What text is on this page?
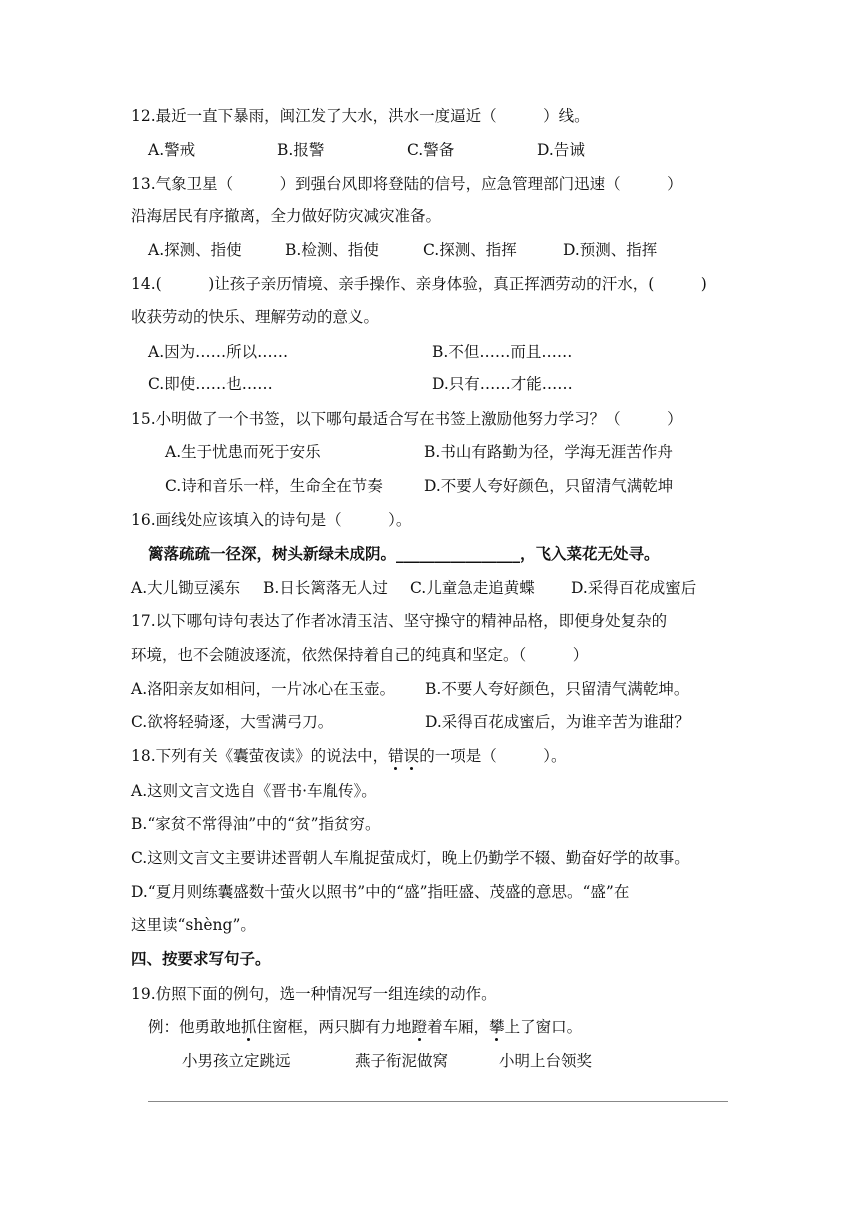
12.最近一直下暴雨，闽江发了大水，洪水一度逼近（　　　）线。
A.警戒	B.报警	C.警备	D.告诫
13.气象卫星（　　　）到强台风即将登陆的信号，应急管理部门迅速（　　　）
沿海居民有序撤离，全力做好防灾减灾准备。
A.探测、指使	B.检测、指使	C.探测、指挥	D.预测、指挥
14.(　　　)让孩子亲历情境、亲手操作、亲身体验，真正挥洒劳动的汗水，(　　　)
收获劳动的快乐、理解劳动的意义。
A.因为……所以……	B.不但……而且……
C.即使……也……	D.只有……才能……
15.小明做了一个书签，以下哪句最适合写在书签上激励他努力学习？（　　　）
A.生于忧患而死于安乐	B.书山有路勤为径，学海无涯苦作舟
C.诗和音乐一样，生命全在节奏	D.不要人夸好颜色，只留清气满乾坤
16.画线处应该填入的诗句是（　　　）。
篱落疏疏一径深，树头新绿未成阴。________________，飞入菜花无处寻。
A.大儿锄豆溪东 B.日长篱落无人过 C.儿童急走追黄蝶 D.采得百花成蜜后
17.以下哪句诗句表达了作者冰清玉洁、坚守操守的精神品格，即便身处复杂的
环境，也不会随波逐流，依然保持着自己的纯真和坚定。（　　　）
A.洛阳亲友如相问，一片冰心在玉壶。 B.不要人夸好颜色，只留清气满乾坤。
C.欲将轻骑逐，大雪满弓刀。	D.采得百花成蜜后，为谁辛苦为谁甜？
18.下列有关《囊萤夜读》的说法中，错误的一项是（　　　）。
A.这则文言文选自《晋书·车胤传》。
B.“家贫不常得油”中的“贫”指贫穷。
C.这则文言文主要讲述晋朝人车胤捉萤成灯，晚上仍勤学不辍、勤奋好学的故事。
D.“夏月则练囊盛数十萤火以照书”中的“盛”指旺盛、茂盛的意思。“盛”在
这里读“shèng”。
四、按要求写句子。
19.仿照下面的例句，选一种情况写一组连续的动作。
例：他勇敢地抓住窗框，两只脚有力地蹬着车厢，攀上了窗口。
小男孩立定跳远	燕子衔泥做窝	小明上台领奖
